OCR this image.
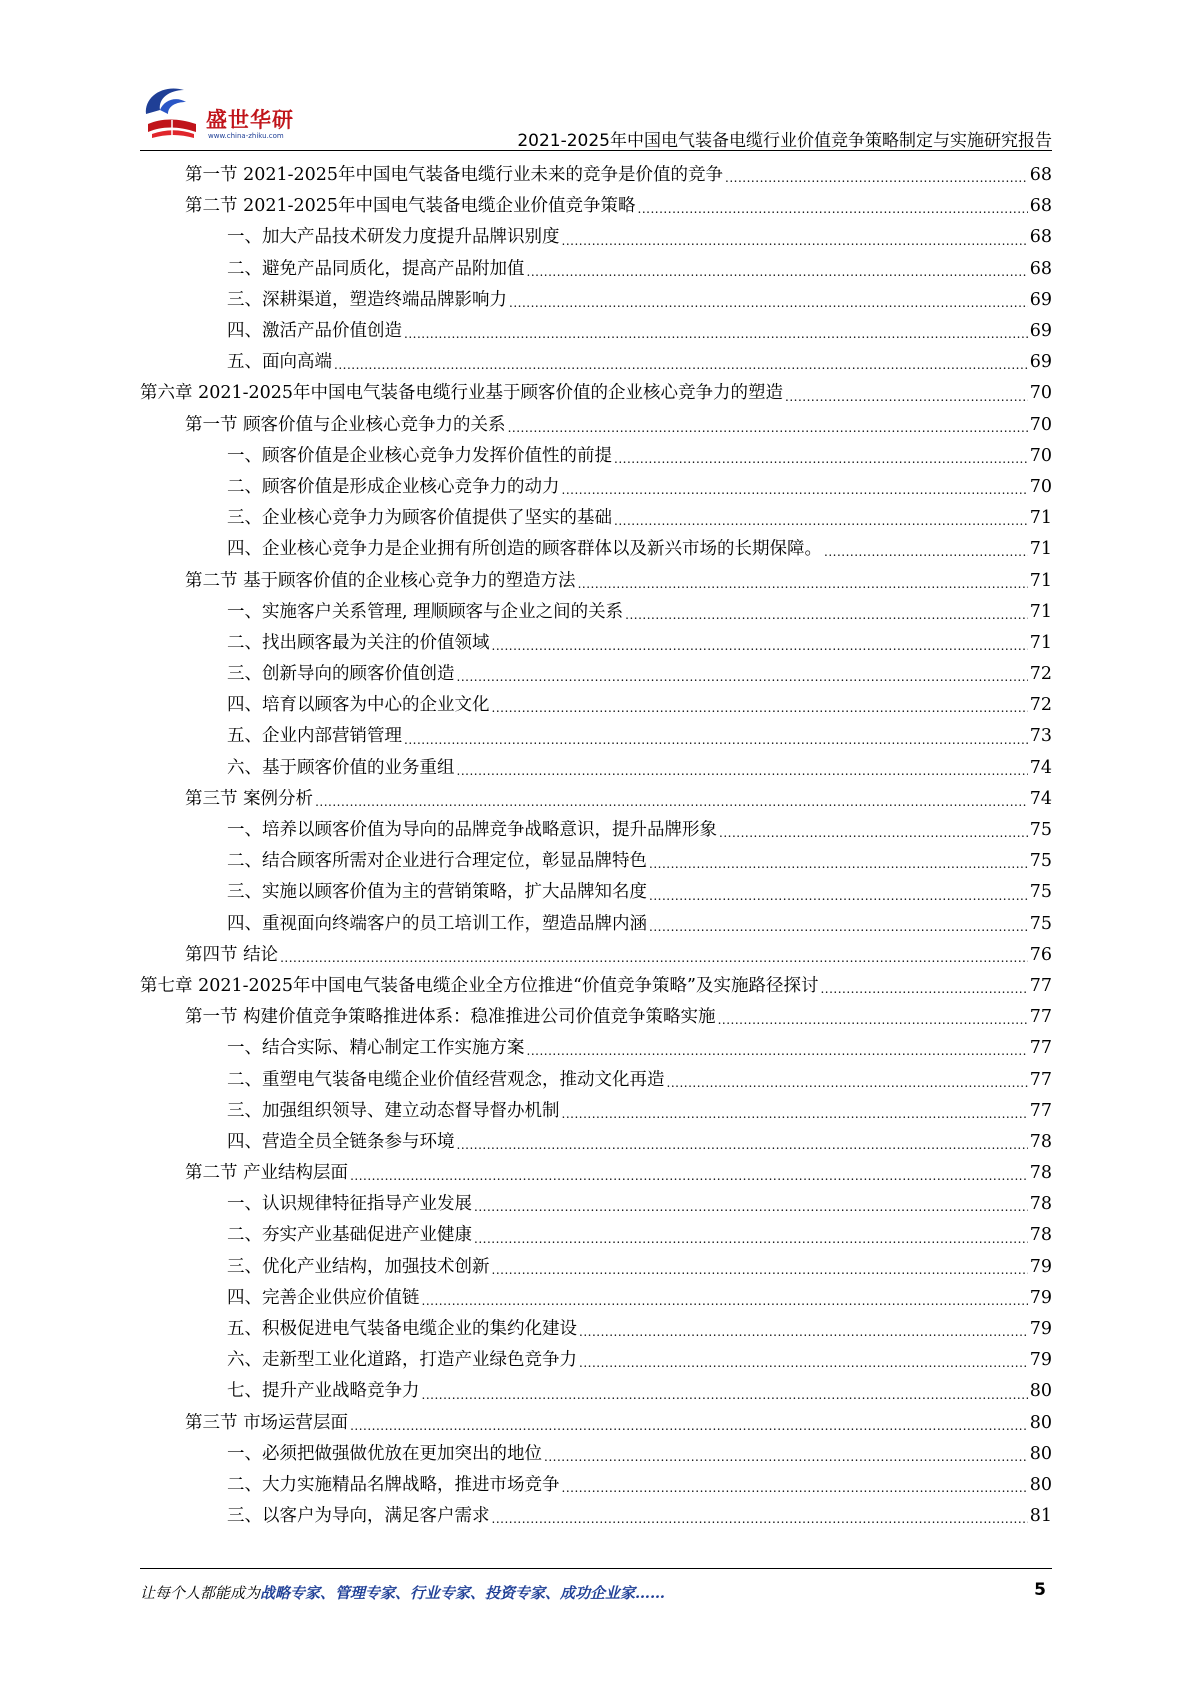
盛世华研
www.china-zhiku.com	2021-2025年中国电气装备电缆行业价值竞争策略制定与实施研究报告
第一节 2021-2025年中国电气装备电缆行业未来的竞争是价值的竞争 .....	68
第二节 2021-2025年中国电气装备电缆企业价值竞争策略 .....	68
一、加大产品技术研发力度提升品牌识别度 .....	68
二、避免产品同质化，提高产品附加值 .....	68
三、深耕渠道，塑造终端品牌影响力 .....	69
四、激活产品价值创造 .....	69
五、面向高端 .....	69
第六章 2021-2025年中国电气装备电缆行业基于顾客价值的企业核心竞争力的塑造 .....	70
第一节 顾客价值与企业核心竞争力的关系 .....	70
一、顾客价值是企业核心竞争力发挥价值性的前提 .....	70
二、顾客价值是形成企业核心竞争力的动力 .....	70
三、企业核心竞争力为顾客价值提供了坚实的基础 .....	71
四、企业核心竞争力是企业拥有所创造的顾客群体以及新兴市场的长期保障。 .....	71
第二节 基于顾客价值的企业核心竞争力的塑造方法 .....	71
一、实施客户关系管理, 理顺顾客与企业之间的关系 .....	71
二、找出顾客最为关注的价值领域 .....	71
三、创新导向的顾客价值创造 .....	72
四、培育以顾客为中心的企业文化 .....	72
五、企业内部营销管理 .....	73
六、基于顾客价值的业务重组 .....	74
第三节 案例分析 .....	74
一、培养以顾客价值为导向的品牌竞争战略意识，提升品牌形象 .....	75
二、结合顾客所需对企业进行合理定位，彰显品牌特色 .....	75
三、实施以顾客价值为主的营销策略，扩大品牌知名度 .....	75
四、重视面向终端客户的员工培训工作，塑造品牌内涵 .....	75
第四节 结论 .....	76
第七章 2021-2025年中国电气装备电缆企业全方位推进“价值竞争策略”及实施路径探讨 .....	77
第一节 构建价值竞争策略推进体系：稳准推进公司价值竞争策略实施 .....	77
一、结合实际、精心制定工作实施方案 .....	77
二、重塑电气装备电缆企业价值经营观念，推动文化再造 .....	77
三、加强组织领导、建立动态督导督办机制 .....	77
四、营造全员全链条参与环境 .....	78
第二节 产业结构层面 .....	78
一、认识规律特征指导产业发展 .....	78
二、夯实产业基础促进产业健康 .....	78
三、优化产业结构，加强技术创新 .....	79
四、完善企业供应价值链 .....	79
五、积极促进电气装备电缆企业的集约化建设 .....	79
六、走新型工业化道路，打造产业绿色竞争力 .....	79
七、提升产业战略竞争力 .....	80
第三节 市场运营层面 .....	80
一、必须把做强做优放在更加突出的地位 .....	80
二、大力实施精品名牌战略，推进市场竞争 .....	80
三、以客户为导向，满足客户需求 .....	81
让每个人都能成为战略专家、管理专家、行业专家、投资专家、成功企业家……	5
